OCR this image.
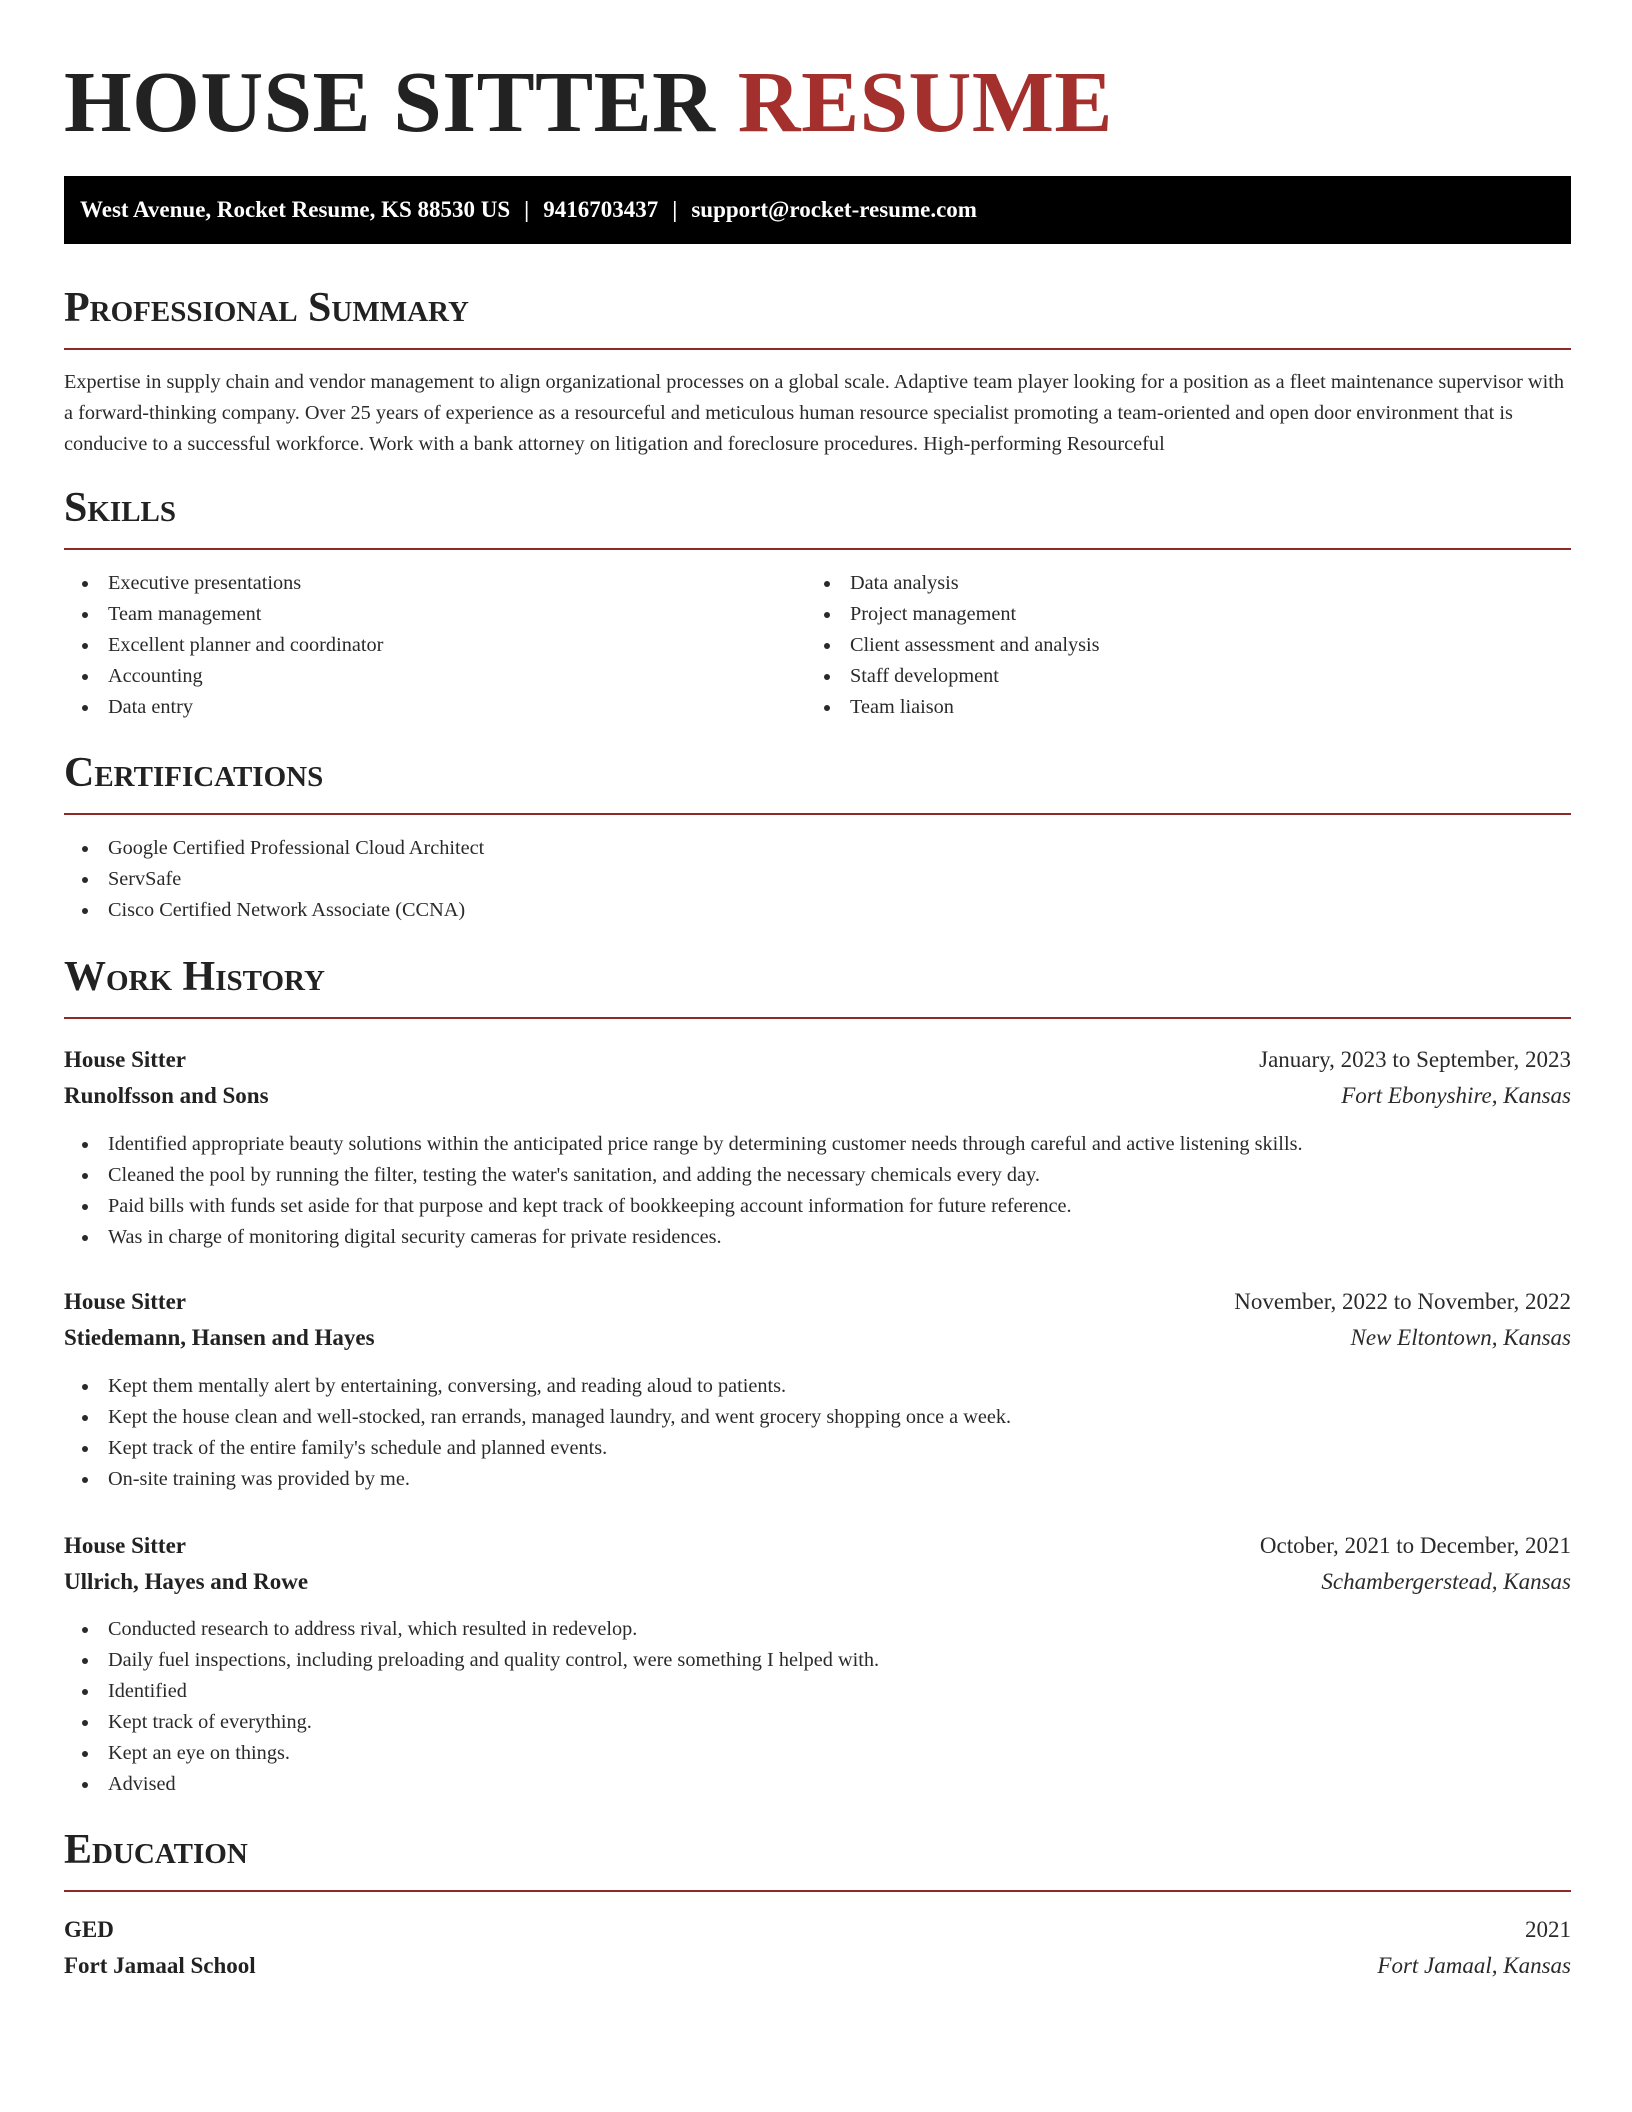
HOUSE SITTER RESUME
West Avenue, Rocket Resume, KS 88530 US | 9416703437 | support@rocket-resume.com
Professional Summary

Expertise in supply chain and vendor management to align organizational processes on a global scale. Adaptive team player looking for a position as a fleet maintenance supervisor with a forward-thinking company. Over 25 years of experience as a resourceful and meticulous human resource specialist promoting a team-oriented and open door environment that is conducive to a successful workforce. Work with a bank attorney on litigation and foreclosure procedures. High-performing Resourceful

Skills
Executive presentations
Team management
Excellent planner and coordinator
Accounting
Data entry
Data analysis
Project management
Client assessment and analysis
Staff development
Team liaison
Certifications
Google Certified Professional Cloud Architect
ServSafe
Cisco Certified Network Associate (CCNA)
Work History
House Sitter	January, 2023 to September, 2023
Runolfsson and Sons	Fort Ebonyshire, Kansas
Identified appropriate beauty solutions within the anticipated price range by determining customer needs through careful and active listening skills.
Cleaned the pool by running the filter, testing the water's sanitation, and adding the necessary chemicals every day.
Paid bills with funds set aside for that purpose and kept track of bookkeeping account information for future reference.
Was in charge of monitoring digital security cameras for private residences.
House Sitter	November, 2022 to November, 2022
Stiedemann, Hansen and Hayes	New Eltontown, Kansas
Kept them mentally alert by entertaining, conversing, and reading aloud to patients.
Kept the house clean and well-stocked, ran errands, managed laundry, and went grocery shopping once a week.
Kept track of the entire family's schedule and planned events.
On-site training was provided by me.
House Sitter	October, 2021 to December, 2021
Ullrich, Hayes and Rowe	Schambergerstead, Kansas
Conducted research to address rival, which resulted in redevelop.
Daily fuel inspections, including preloading and quality control, were something I helped with.
Identified
Kept track of everything.
Kept an eye on things.
Advised
Education
GED	2021
Fort Jamaal School	Fort Jamaal, Kansas
